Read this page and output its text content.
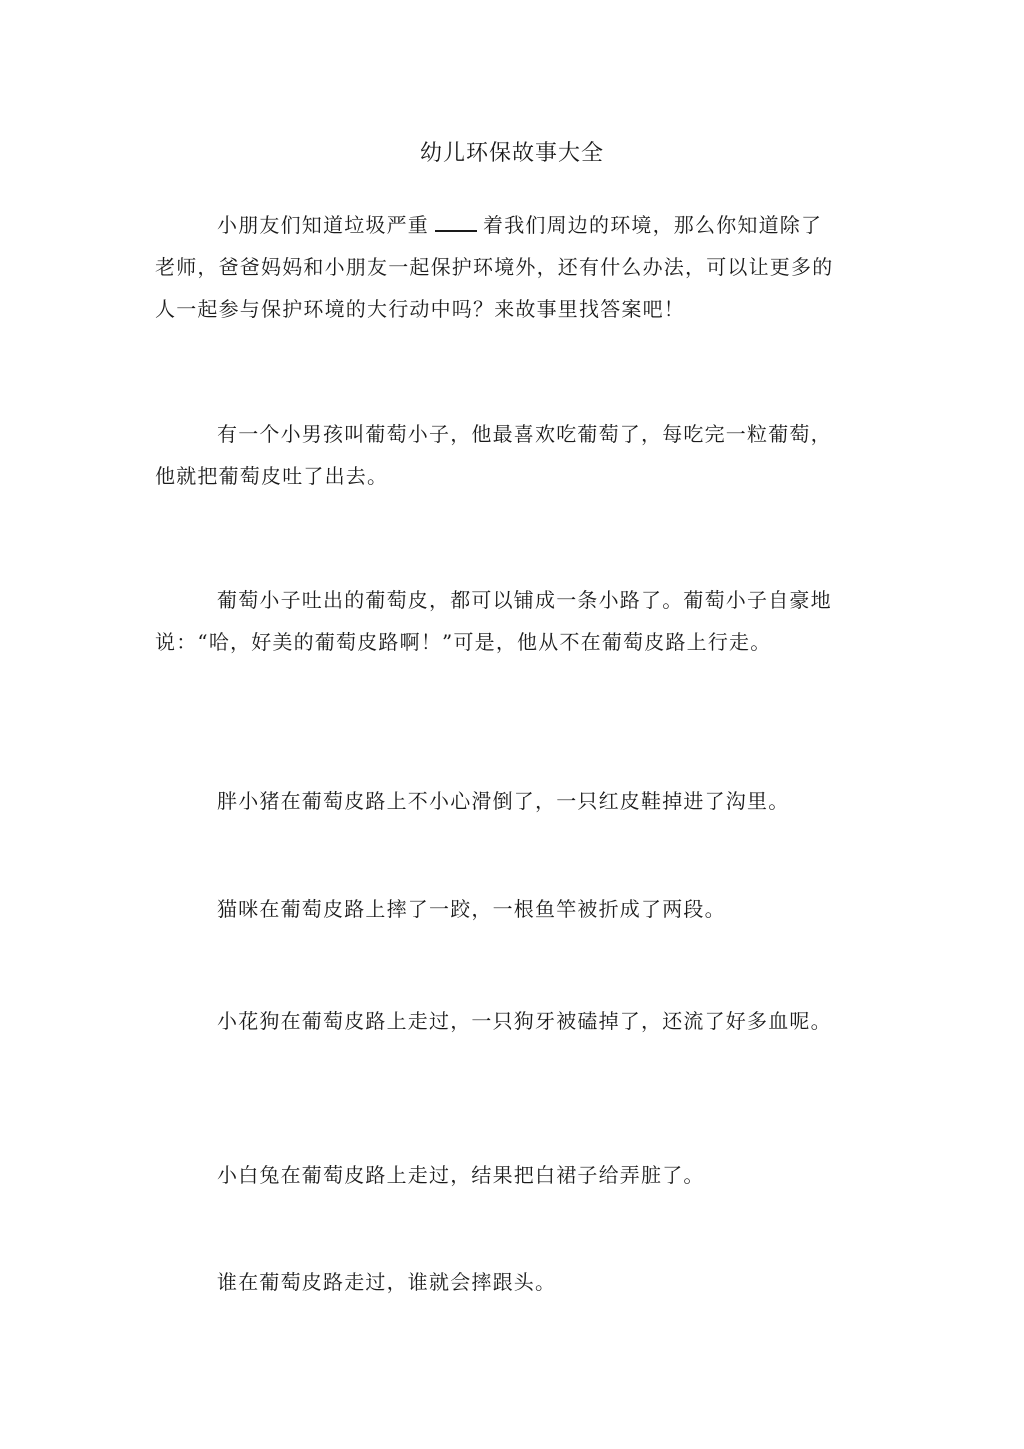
幼儿环保故事大全
小朋友们知道垃圾严重	着我们周边的环境，那么你知道除了老师，爸爸妈妈和小朋友一起保护环境外，还有什么办法，可以让更多的人一起参与保护环境的大行动中吗？来故事里找答案吧！
有一个小男孩叫葡萄小子，他最喜欢吃葡萄了，每吃完一粒葡萄，他就把葡萄皮吐了出去。
葡萄小子吐出的葡萄皮，都可以铺成一条小路了。葡萄小子自豪地说：“哈，好美的葡萄皮路啊！”可是，他从不在葡萄皮路上行走。
胖小猪在葡萄皮路上不小心滑倒了，一只红皮鞋掉进了沟里。
猫咪在葡萄皮路上摔了一跤，一根鱼竿被折成了两段。
小花狗在葡萄皮路上走过，一只狗牙被磕掉了，还流了好多血呢。
小白兔在葡萄皮路上走过，结果把白裙子给弄脏了。
谁在葡萄皮路走过，谁就会摔跟头。
